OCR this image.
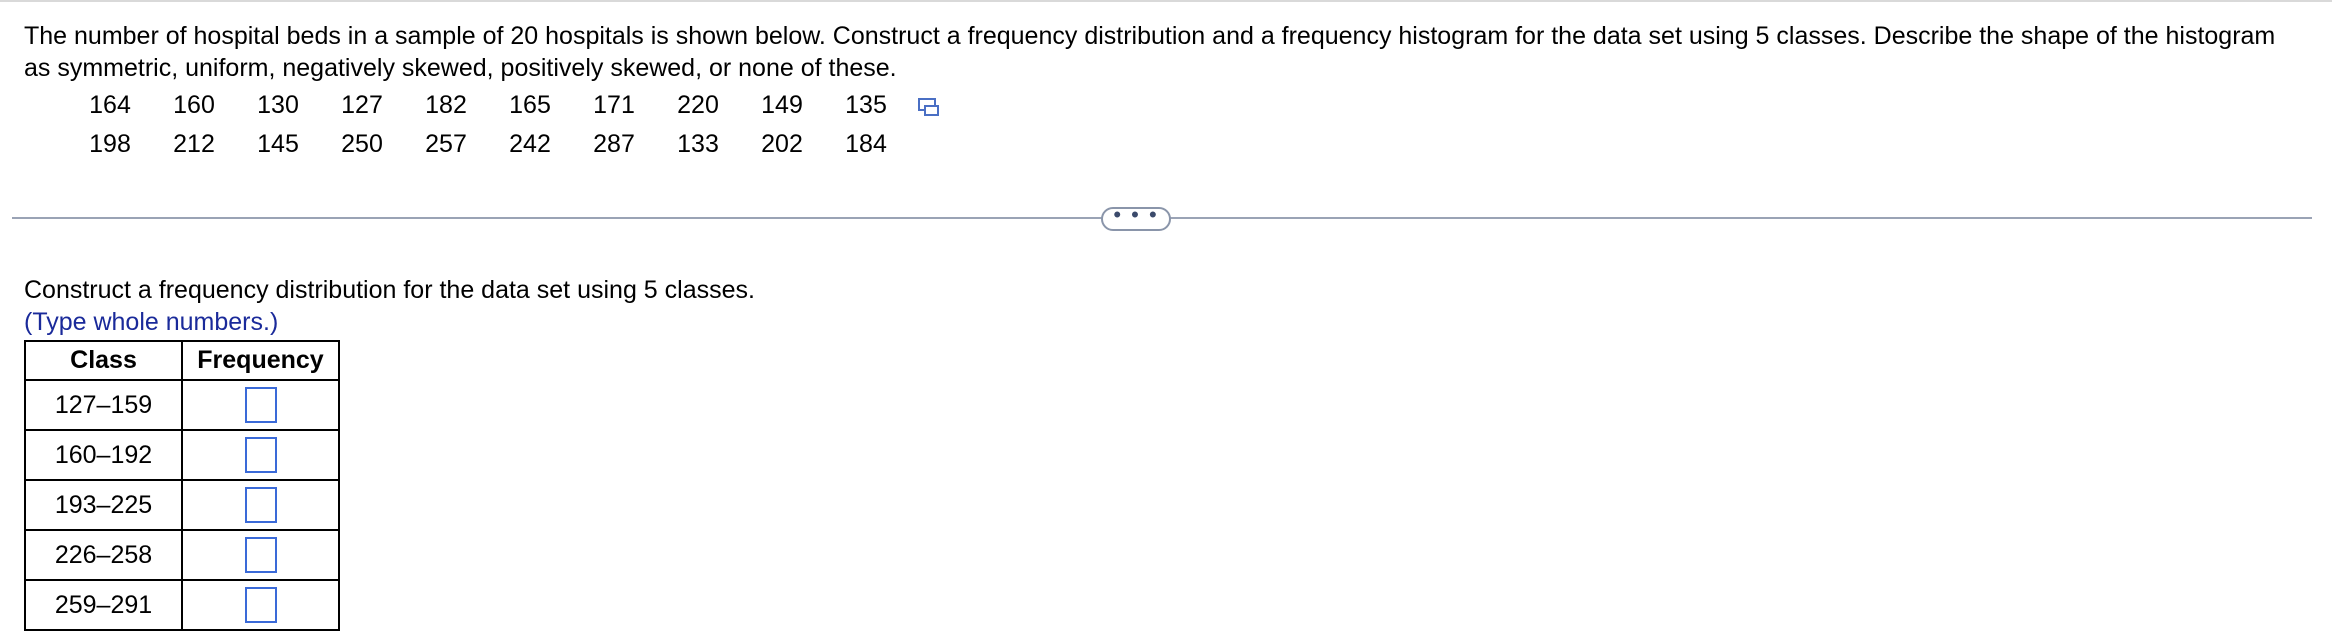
The number of hospital beds in a sample of 20 hospitals is shown below. Construct a frequency distribution and a frequency histogram for the data set using 5 classes. Describe the shape of the histogram as symmetric, uniform, negatively skewed, positively skewed, or none of these.
164	160	130	127	182	165	171	220	149	135
198	212	145	250	257	242	287	133	202	184
• • •
Construct a frequency distribution for the data set using 5 classes.
(Type whole numbers.)
Class	Frequency
127–159	
160–192	
193–225	
226–258	
259–291	
